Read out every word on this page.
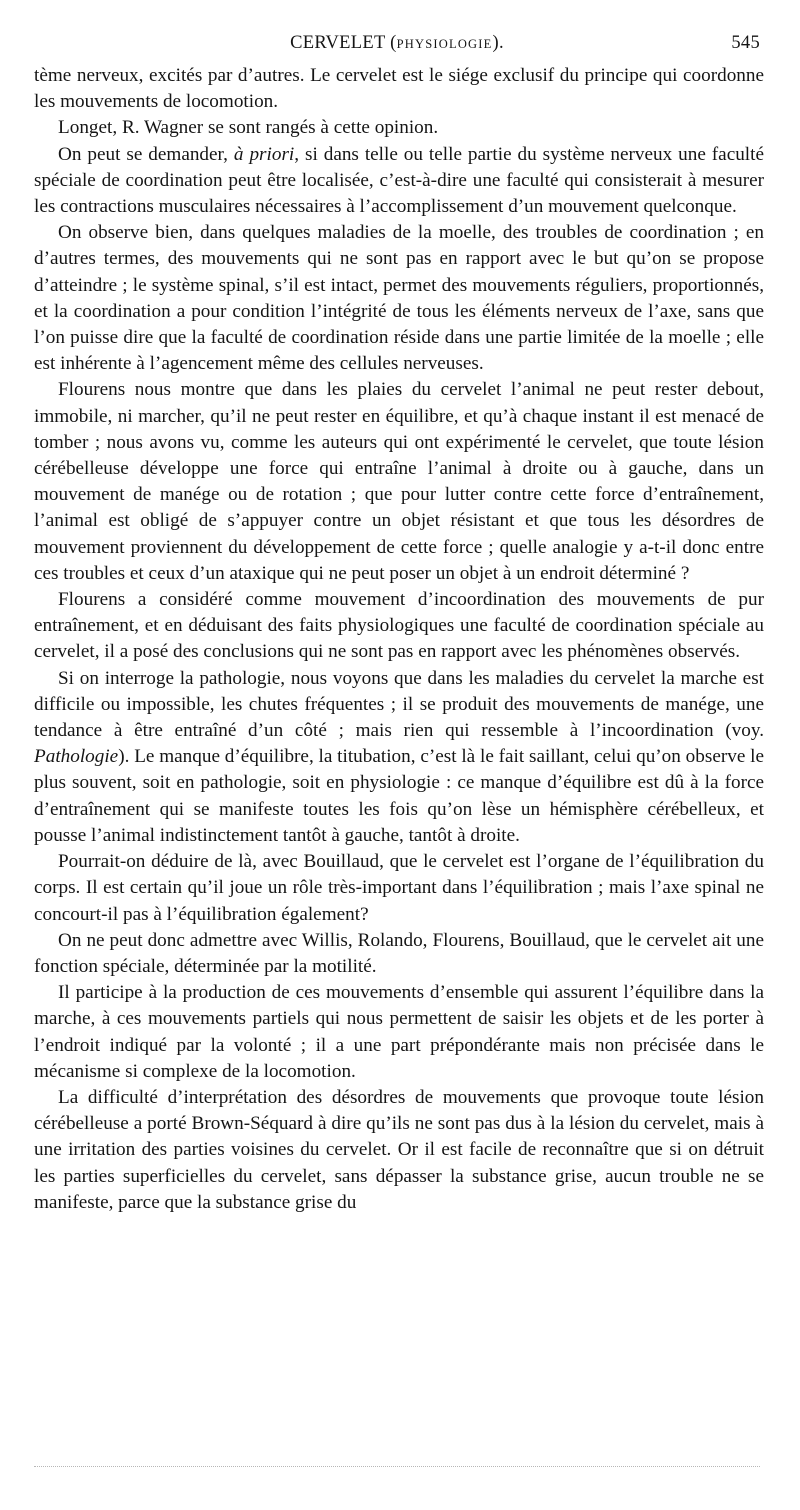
CERVELET (PHYSIOLOGIE).	545

tème nerveux, excités par d’autres. Le cervelet est le siége exclusif du principe qui coordonne les mouvements de locomotion.

Longet, R. Wagner se sont rangés à cette opinion.

On peut se demander, à priori, si dans telle ou telle partie du système nerveux une faculté spéciale de coordination peut être localisée, c’est-à-dire une faculté qui consisterait à mesurer les contractions musculaires nécessaires à l’accomplissement d’un mouvement quelconque.

On observe bien, dans quelques maladies de la moelle, des troubles de coordination ; en d’autres termes, des mouvements qui ne sont pas en rapport avec le but qu’on se propose d’atteindre ; le système spinal, s’il est intact, permet des mouvements réguliers, proportionnés, et la coordination a pour condition l’intégrité de tous les éléments nerveux de l’axe, sans que l’on puisse dire que la faculté de coordination réside dans une partie limitée de la moelle ; elle est inhérente à l’agencement même des cellules nerveuses.

Flourens nous montre que dans les plaies du cervelet l’animal ne peut rester debout, immobile, ni marcher, qu’il ne peut rester en équilibre, et qu’à chaque instant il est menacé de tomber ; nous avons vu, comme les auteurs qui ont expérimenté le cervelet, que toute lésion cérébelleuse développe une force qui entraîne l’animal à droite ou à gauche, dans un mouvement de manége ou de rotation ; que pour lutter contre cette force d’entraînement, l’animal est obligé de s’appuyer contre un objet résistant et que tous les désordres de mouvement proviennent du développement de cette force ; quelle analogie y a-t-il donc entre ces troubles et ceux d’un ataxique qui ne peut poser un objet à un endroit déterminé ?

Flourens a considéré comme mouvement d’incoordination des mouvements de pur entraînement, et en déduisant des faits physiologiques une faculté de coordination spéciale au cervelet, il a posé des conclusions qui ne sont pas en rapport avec les phénomènes observés.

Si on interroge la pathologie, nous voyons que dans les maladies du cervelet la marche est difficile ou impossible, les chutes fréquentes ; il se produit des mouvements de manége, une tendance à être entraîné d’un côté ; mais rien qui ressemble à l’incoordination (voy. Pathologie). Le manque d’équilibre, la titubation, c’est là le fait saillant, celui qu’on observe le plus souvent, soit en pathologie, soit en physiologie : ce manque d’équilibre est dû à la force d’entraînement qui se manifeste toutes les fois qu’on lèse un hémisphère cérébelleux, et pousse l’animal indistinctement tantôt à gauche, tantôt à droite.

Pourrait-on déduire de là, avec Bouillaud, que le cervelet est l’organe de l’équilibration du corps. Il est certain qu’il joue un rôle très-important dans l’équilibration ; mais l’axe spinal ne concourt-il pas à l’équilibration également?

On ne peut donc admettre avec Willis, Rolando, Flourens, Bouillaud, que le cervelet ait une fonction spéciale, déterminée par la motilité.

Il participe à la production de ces mouvements d’ensemble qui assurent l’équilibre dans la marche, à ces mouvements partiels qui nous permettent de saisir les objets et de les porter à l’endroit indiqué par la volonté ; il a une part prépondérante mais non précisée dans le mécanisme si complexe de la locomotion.

La difficulté d’interprétation des désordres de mouvements que provoque toute lésion cérébelleuse a porté Brown-Séquard à dire qu’ils ne sont pas dus à la lésion du cervelet, mais à une irritation des parties voisines du cervelet. Or il est facile de reconnaître que si on détruit les parties superficielles du cervelet, sans dépasser la substance grise, aucun trouble ne se manifeste, parce que la substance grise du
